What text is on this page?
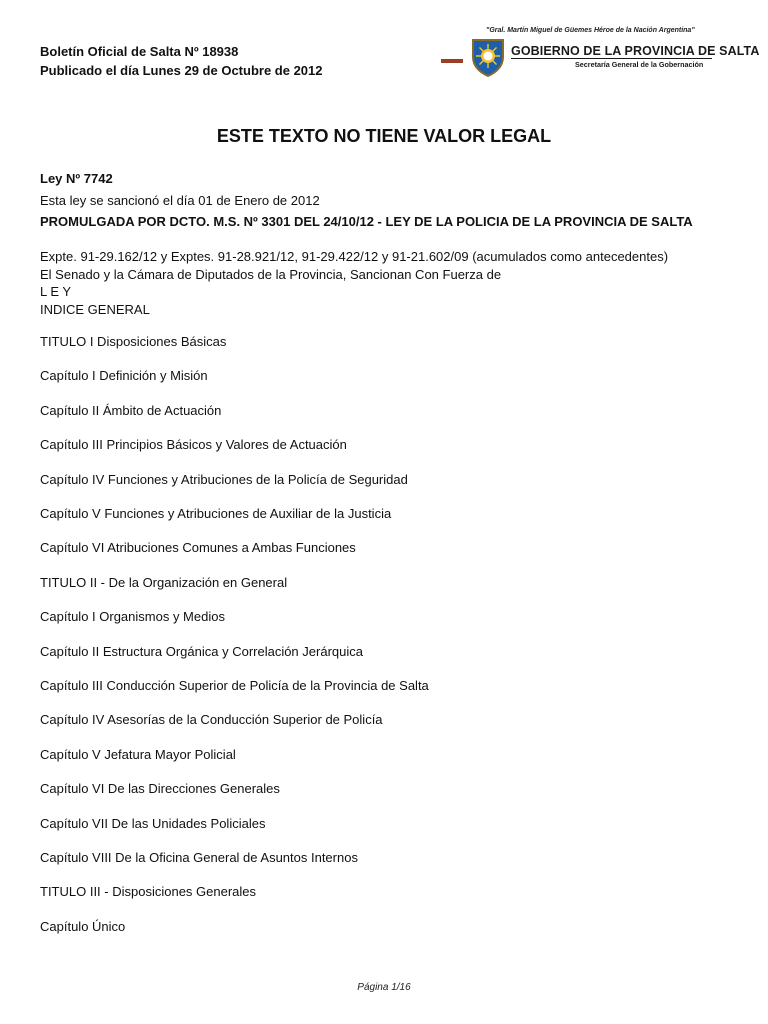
Boletín Oficial de Salta Nº 18938
Publicado el día Lunes 29 de Octubre de 2012
"Gral. Martín Miguel de Güemes Héroe de la Nación Argentina"
GOBIERNO DE LA PROVINCIA DE SALTA
Secretaría General de la Gobernación
ESTE TEXTO NO TIENE VALOR LEGAL
Ley Nº 7742
Esta ley se sancionó el día 01 de Enero de 2012
PROMULGADA POR DCTO. M.S. Nº 3301 DEL 24/10/12 - LEY DE LA POLICIA DE LA PROVINCIA DE SALTA
Expte. 91-29.162/12 y Exptes. 91-28.921/12, 91-29.422/12 y 91-21.602/09 (acumulados como antecedentes)
El Senado y la Cámara de Diputados de la Provincia, Sancionan Con Fuerza de
L E Y
INDICE GENERAL
TITULO I Disposiciones Básicas
Capítulo I Definición y Misión
Capítulo II Ámbito de Actuación
Capítulo III Principios Básicos y Valores de Actuación
Capítulo IV Funciones y Atribuciones de la Policía de Seguridad
Capítulo V Funciones y Atribuciones de Auxiliar de la Justicia
Capítulo VI Atribuciones Comunes a Ambas Funciones
TITULO II - De la Organización en General
Capítulo I Organismos y Medios
Capítulo II Estructura Orgánica y Correlación Jerárquica
Capítulo III Conducción Superior de Policía de la Provincia de Salta
Capítulo IV Asesorías de la Conducción Superior de Policía
Capítulo V Jefatura Mayor Policial
Capítulo VI De las Direcciones Generales
Capítulo VII De las Unidades Policiales
Capítulo VIII De la Oficina General de Asuntos Internos
TITULO III - Disposiciones Generales
Capítulo Único
Página 1/16
